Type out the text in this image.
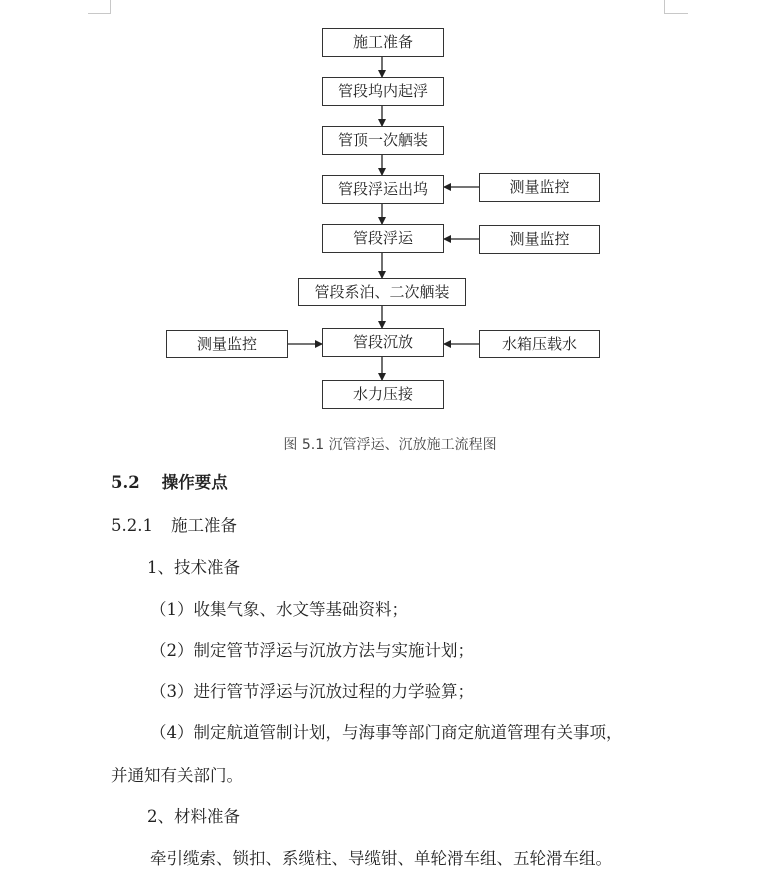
施工准备
管段坞内起浮
管顶一次舾装
管段浮运出坞
管段浮运
管段系泊、二次舾装
管段沉放
水力压接
测量监控
测量监控
测量监控	水箱压载水
图 5.1 沉管浮运、沉放施工流程图
5.2 操作要点
5.2.1 施工准备
1、技术准备
（1）收集气象、水文等基础资料；
（2）制定管节浮运与沉放方法与实施计划；
（3）进行管节浮运与沉放过程的力学验算；
（4）制定航道管制计划，与海事等部门商定航道管理有关事项，
并通知有关部门。
2、材料准备
牵引缆索、锁扣、系缆柱、导缆钳、单轮滑车组、五轮滑车组。
